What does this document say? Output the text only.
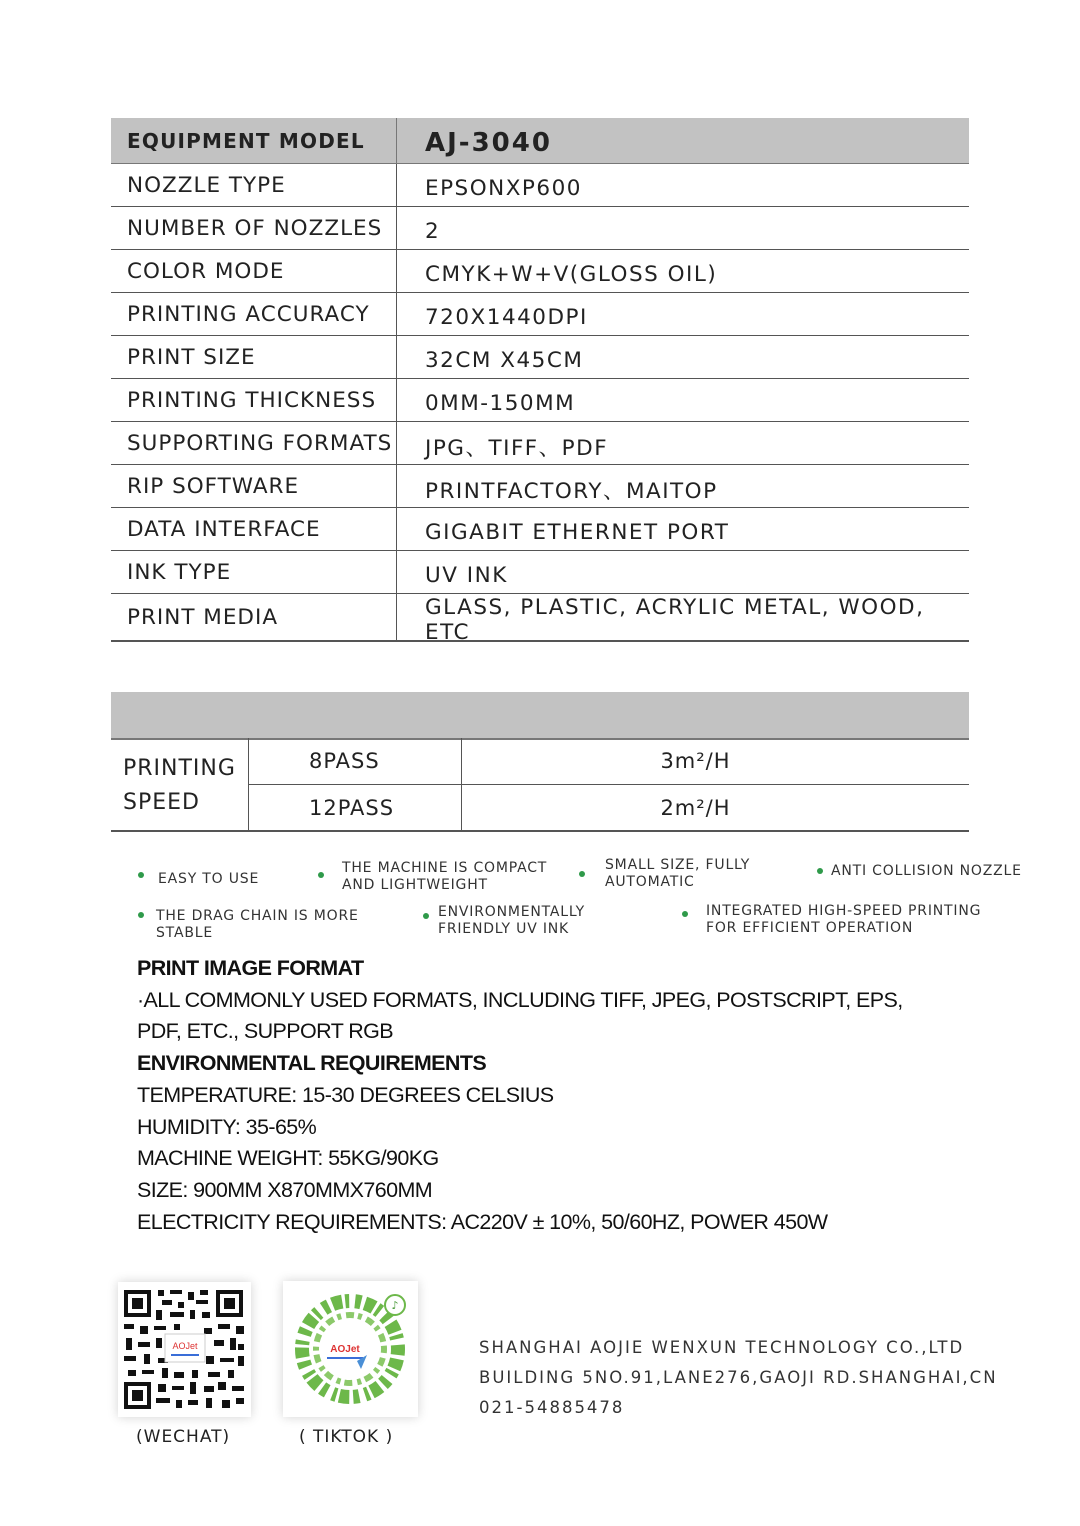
EQUIPMENT MODEL	AJ-3040
NOZZLE TYPE	EPSONXP600
NUMBER OF NOZZLES	2
COLOR MODE	CMYK+W+V(GLOSS OIL)
PRINTING ACCURACY	720X1440DPI
PRINT SIZE	32CM X45CM
PRINTING THICKNESS	0MM-150MM
SUPPORTING FORMATS	JPG、TIFF、PDF
RIP SOFTWARE	PRINTFACTORY、MAITOP
DATA INTERFACE	GIGABIT ETHERNET PORT
INK TYPE	UV INK
PRINT MEDIA	GLASS, PLASTIC, ACRYLIC METAL, WOOD, ETC
PRINTING
SPEED
8PASS	3m²/H
12PASS	2m²/H
EASY TO USE
THE MACHINE IS COMPACT AND LIGHTWEIGHT
SMALL SIZE, FULLY AUTOMATIC
ANTI COLLISION NOZZLE
THE DRAG CHAIN IS MORE STABLE
ENVIRONMENTALLY FRIENDLY UV INK
INTEGRATED HIGH-SPEED PRINTING FOR EFFICIENT OPERATION
PRINT IMAGE FORMAT
·ALL COMMONLY USED FORMATS, INCLUDING TIFF, JPEG, POSTSCRIPT, EPS,
PDF, ETC., SUPPORT RGB
ENVIRONMENTAL REQUIREMENTS
TEMPERATURE: 15-30 DEGREES CELSIUS
HUMIDITY: 35-65%
MACHINE WEIGHT: 55KG/90KG
SIZE: 900MM X870MMX760MM
ELECTRICITY REQUIREMENTS: AC220V ± 10%, 50/60HZ, POWER 450W
AOJet
(WECHAT)
AOJet
♪
( TIKTOK )
SHANGHAI AOJIE WENXUN TECHNOLOGY CO.,LTD
BUILDING 5NO.91,LANE276,GAOJI RD.SHANGHAI,CN
021-54885478
